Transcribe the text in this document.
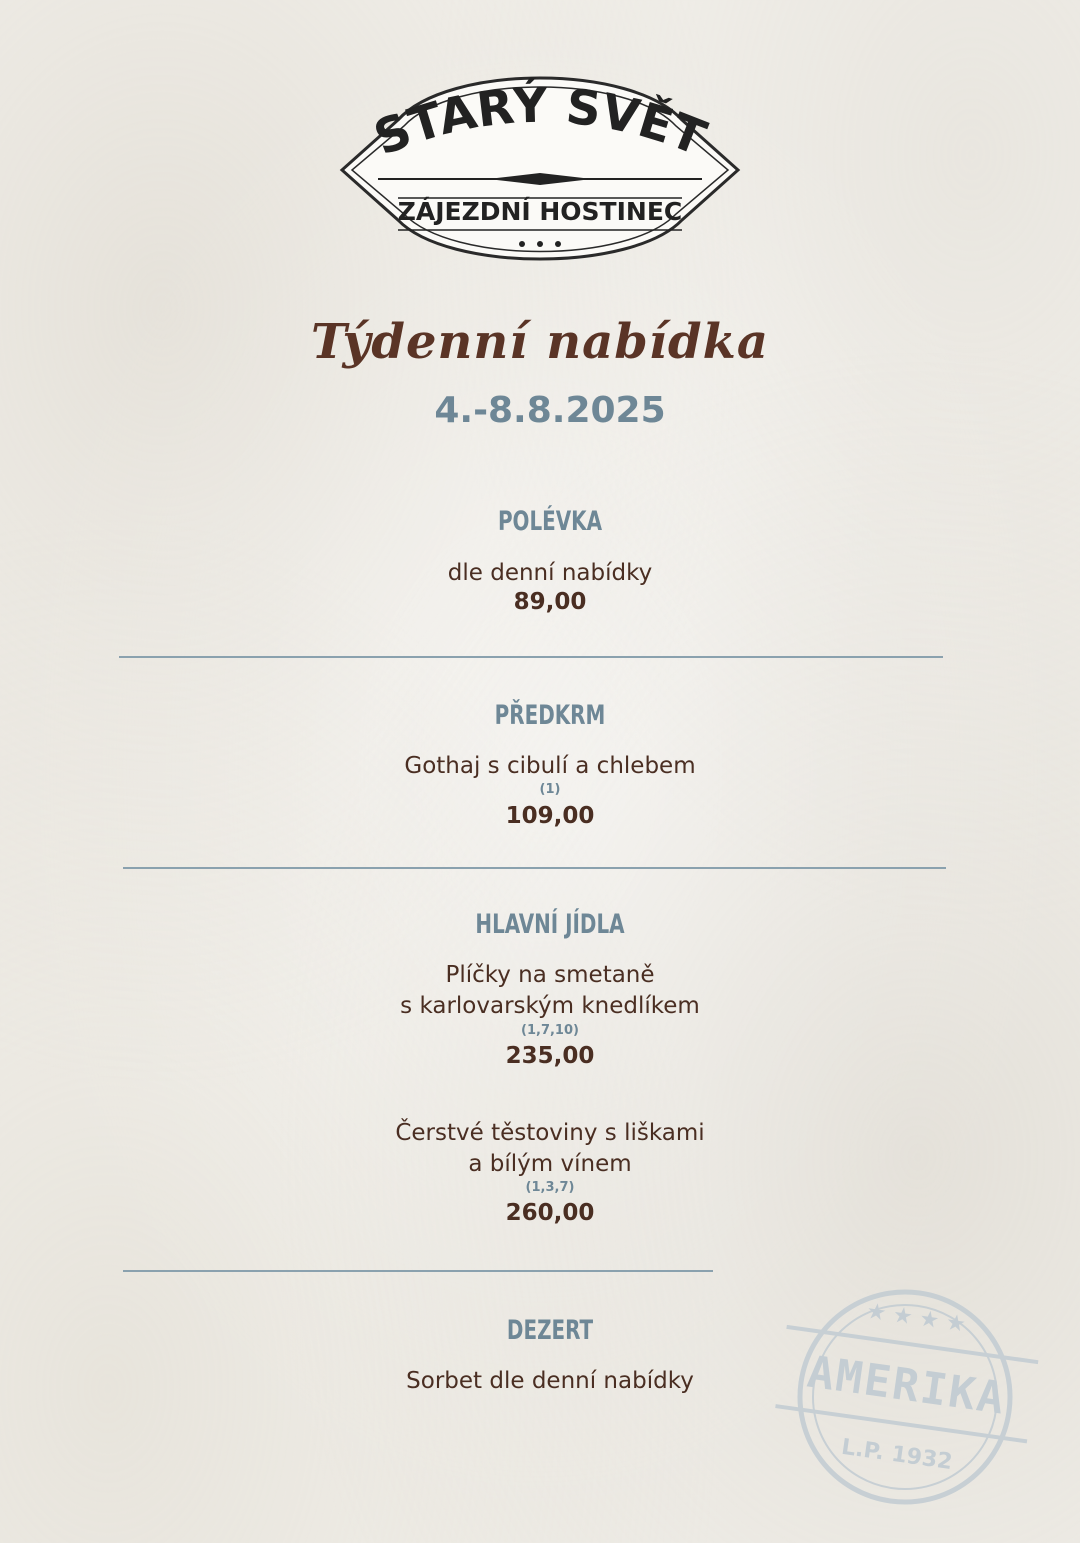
STARÝ SVĚT
ZÁJEZDNÍ HOSTINEC
Týdenní nabídka
4.-8.8.2025
POLÉVKA
dle denní nabídky
89,00
PŘEDKRM
Gothaj s cibulí a chlebem
(1)
109,00
HLAVNÍ JÍDLA
Plíčky na smetaně
s karlovarským knedlíkem
(1,7,10)
235,00
Čerstvé těstoviny s liškami
a bílým vínem
(1,3,7)
260,00
DEZERT
Sorbet dle denní nabídky
★ ★ ★ ★
AMERIKA
L.P. 1932
